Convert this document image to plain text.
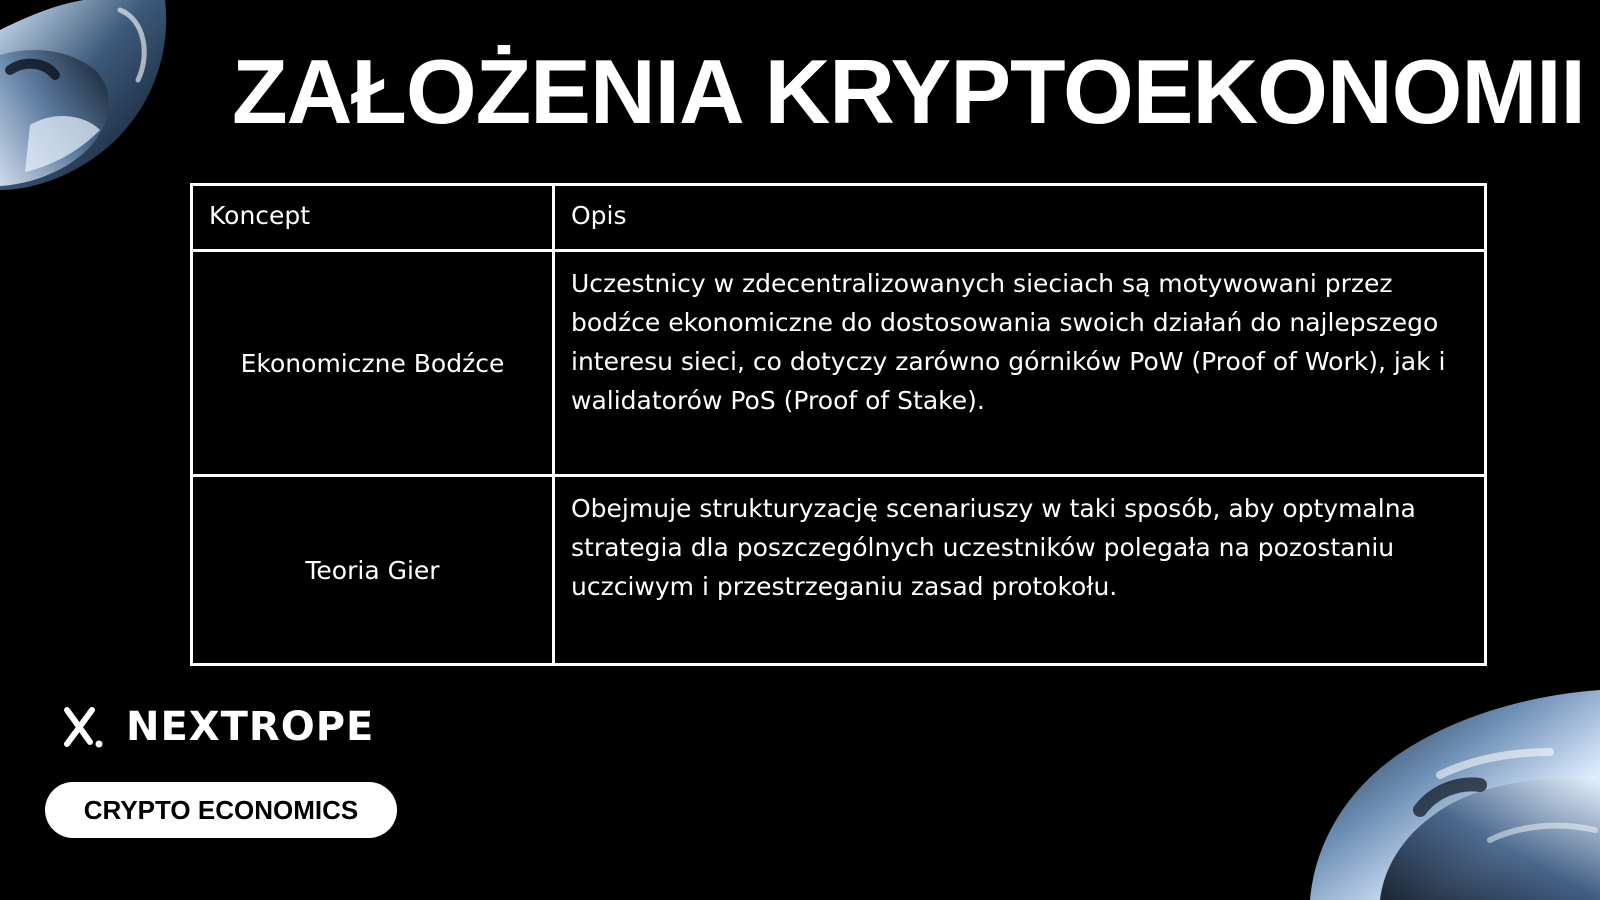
ZAŁOŻENIA KRYPTOEKONOMII
Koncept	Opis
Ekonomiczne Bodźce	Uczestnicy w zdecentralizowanych sieciach są motywowani przez bodźce ekonomiczne do dostosowania swoich działań do najlepszego interesu sieci, co dotyczy zarówno górników PoW (Proof of Work), jak i walidatorów PoS (Proof of Stake).
Teoria Gier	Obejmuje strukturyzację scenariuszy w taki sposób, aby optymalna strategia dla poszczególnych uczestników polegała na pozostaniu uczciwym i przestrzeganiu zasad protokołu.
NEXTROPE
CRYPTO ECONOMICS
